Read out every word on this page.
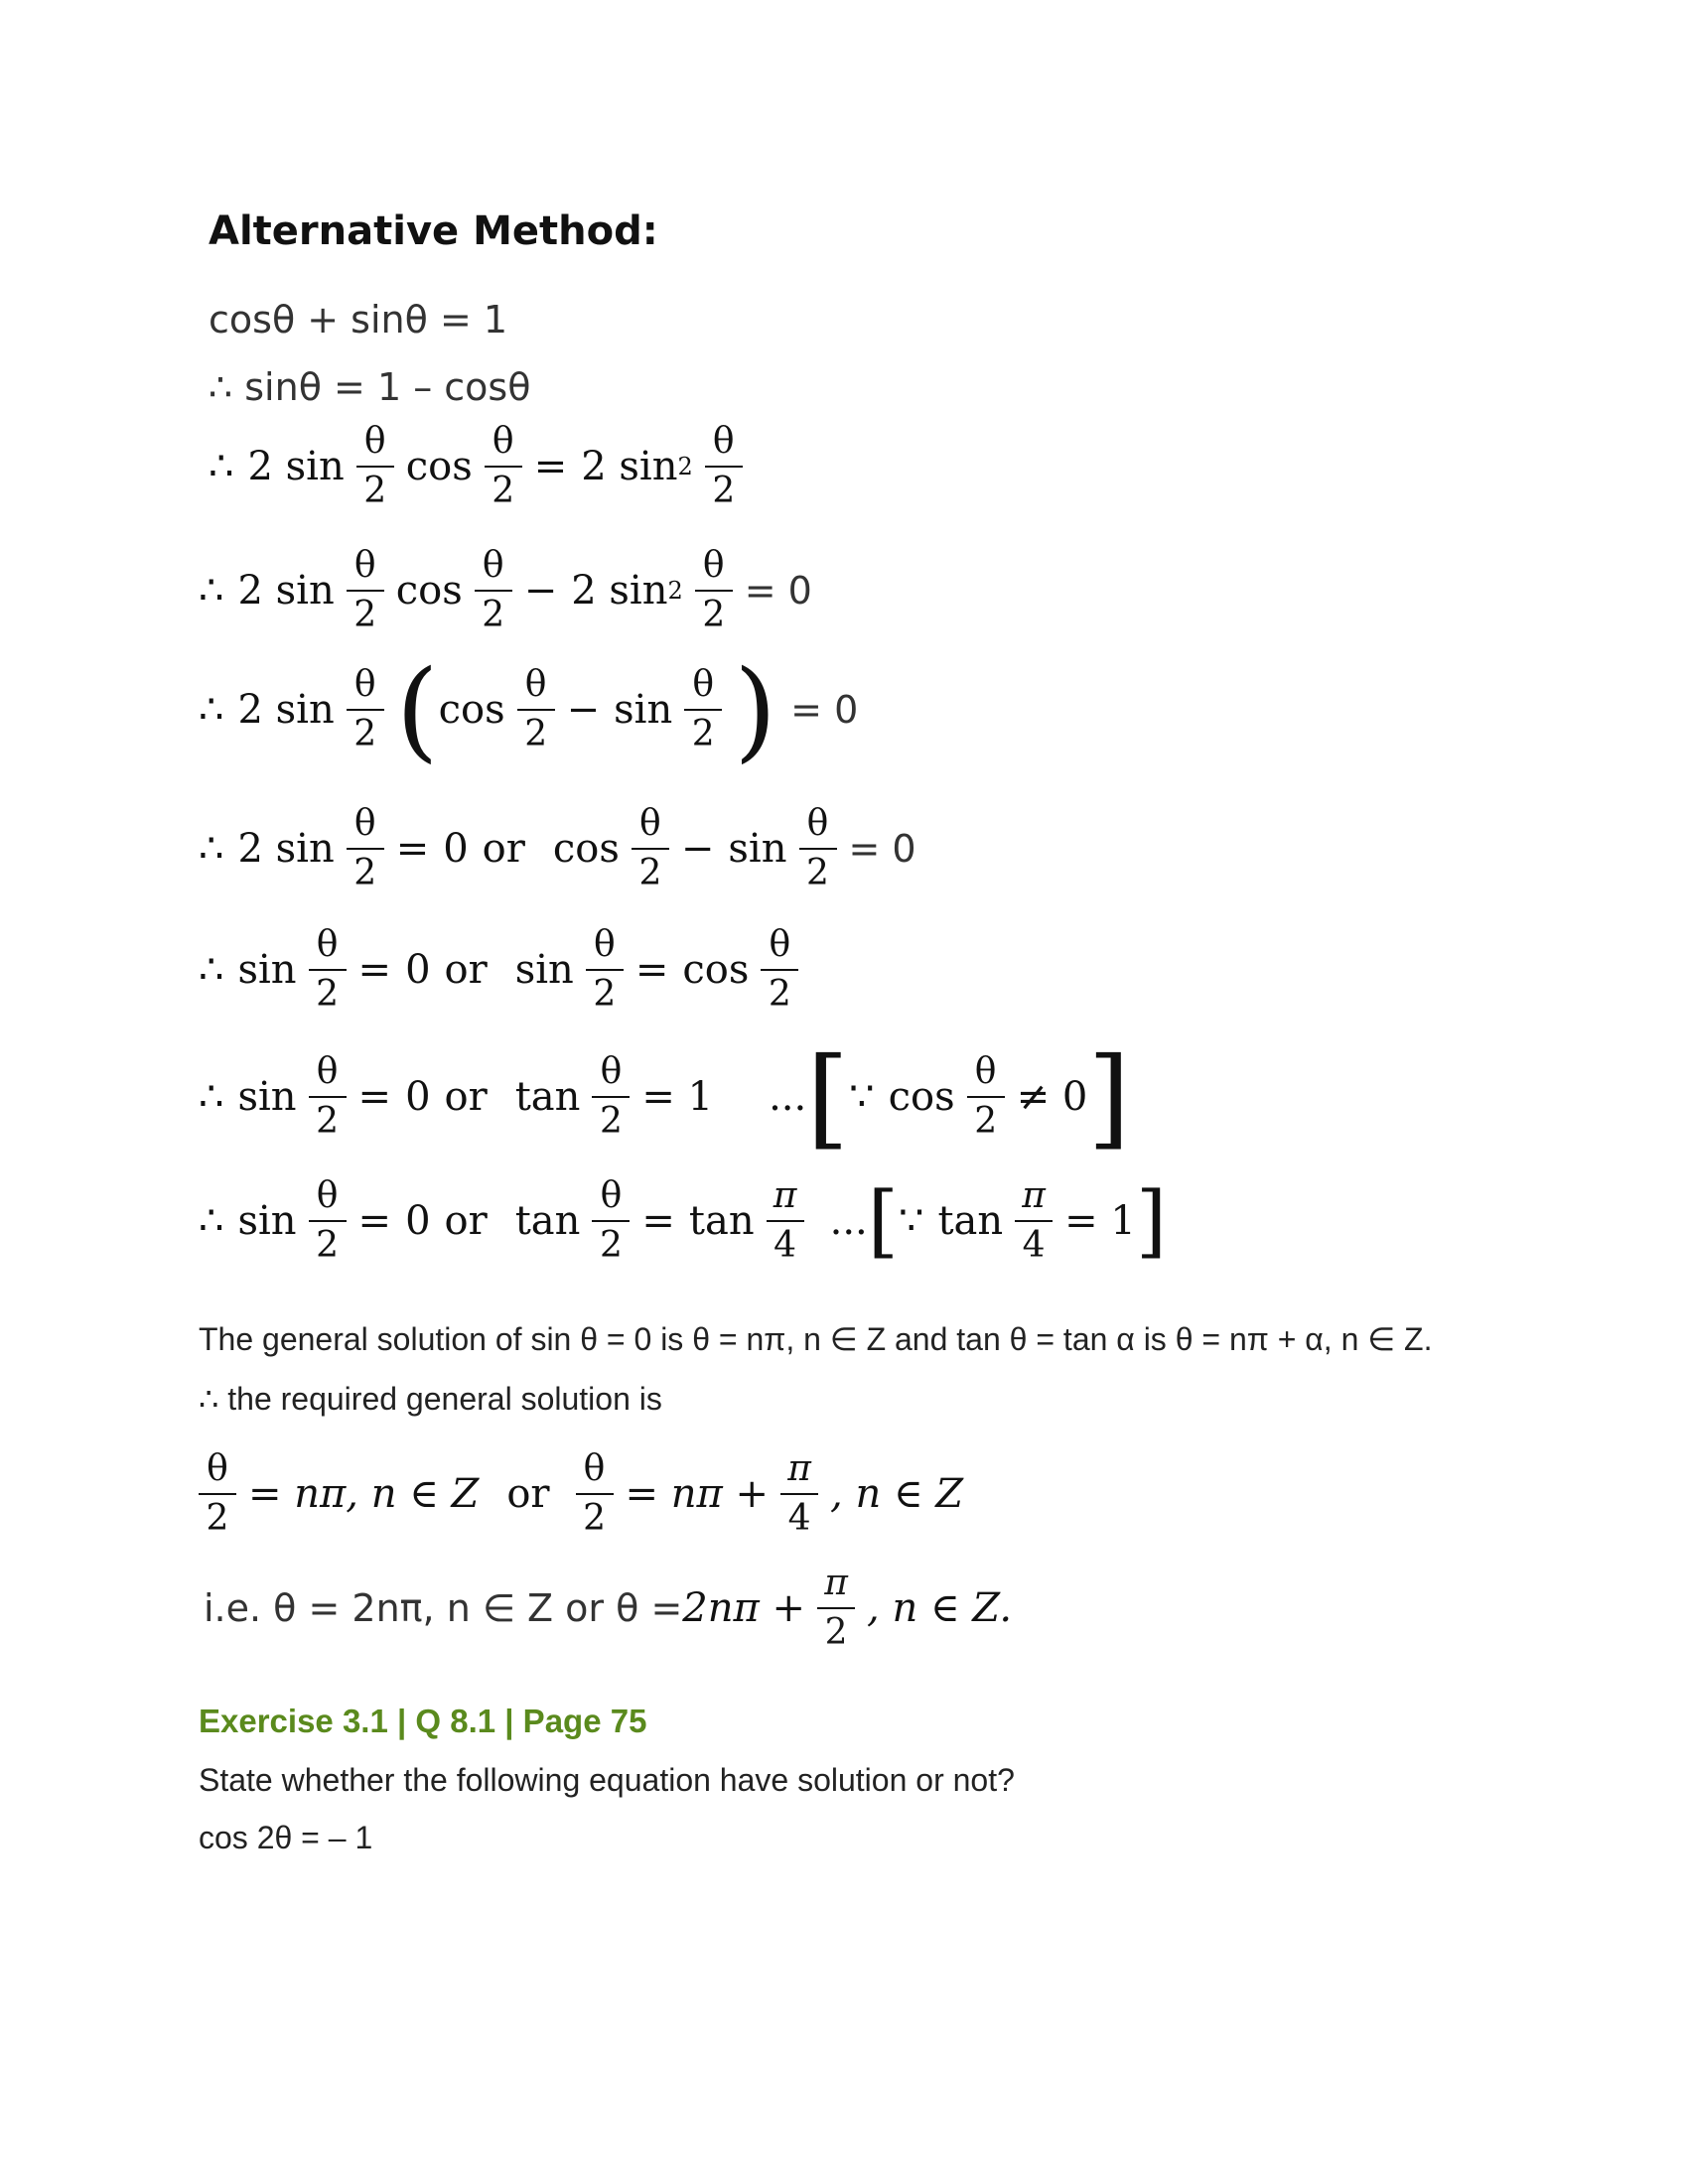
Alternative Method:
cosθ + sinθ = 1
∴ sinθ = 1 – cosθ
∴ 2 $\sin \frac{\theta}{2}$ $\cos \frac{\theta}{2} = 2$ $\sin 2 \frac{\theta}{2}$
∴ 2 $\sin \frac{\theta}{2}$ $\cos \frac{\theta}{2} - 2$ $\sin 2 \frac{\theta}{2} = 0$
∴ 2 $\sin \frac{\theta}{2}$ ( $\cos \frac{\theta}{2} - \sin \frac{\theta}{2}$ ) = 0
∴ 2 $\sin \frac{\theta}{2} = 0$ or $\cos \frac{\theta}{2} - \sin \frac{\theta}{2} = 0$
∴ $\sin \frac{\theta}{2} = 0$ or $\sin \frac{\theta}{2} = \cos \frac{\theta}{2}$
∴ $\sin \frac{\theta}{2} = 0$ or $\tan \frac{\theta}{2} = 1$ ... [ ∵ $\cos \frac{\theta}{2} \ne 0$ ]
∴ $\sin \frac{\theta}{2} = 0$ or $\tan \frac{\theta}{2} = \tan \frac{\pi}{4}$ ... [ ∵ $\tan \frac{\pi}{4} = 1$ ]
The general solution of sin θ = 0 is θ = nπ, n ∈ Z and tan θ = tan α is θ = nπ + α, n ∈ Z.
∴ the required general solution is
$\frac{\theta}{2} = n\pi$, n ∈ Z or $\frac{\theta}{2} = n\pi + \frac{\pi}{4}$ , n ∈ Z
i.e. θ = 2nπ, n ∈ Z or $\theta = 2n\pi + \frac{\pi}{2}$ , n ∈ Z.
Exercise 3.1 | Q 8.1 | Page 75
State whether the following equation have solution or not?
cos 2θ = – 1
